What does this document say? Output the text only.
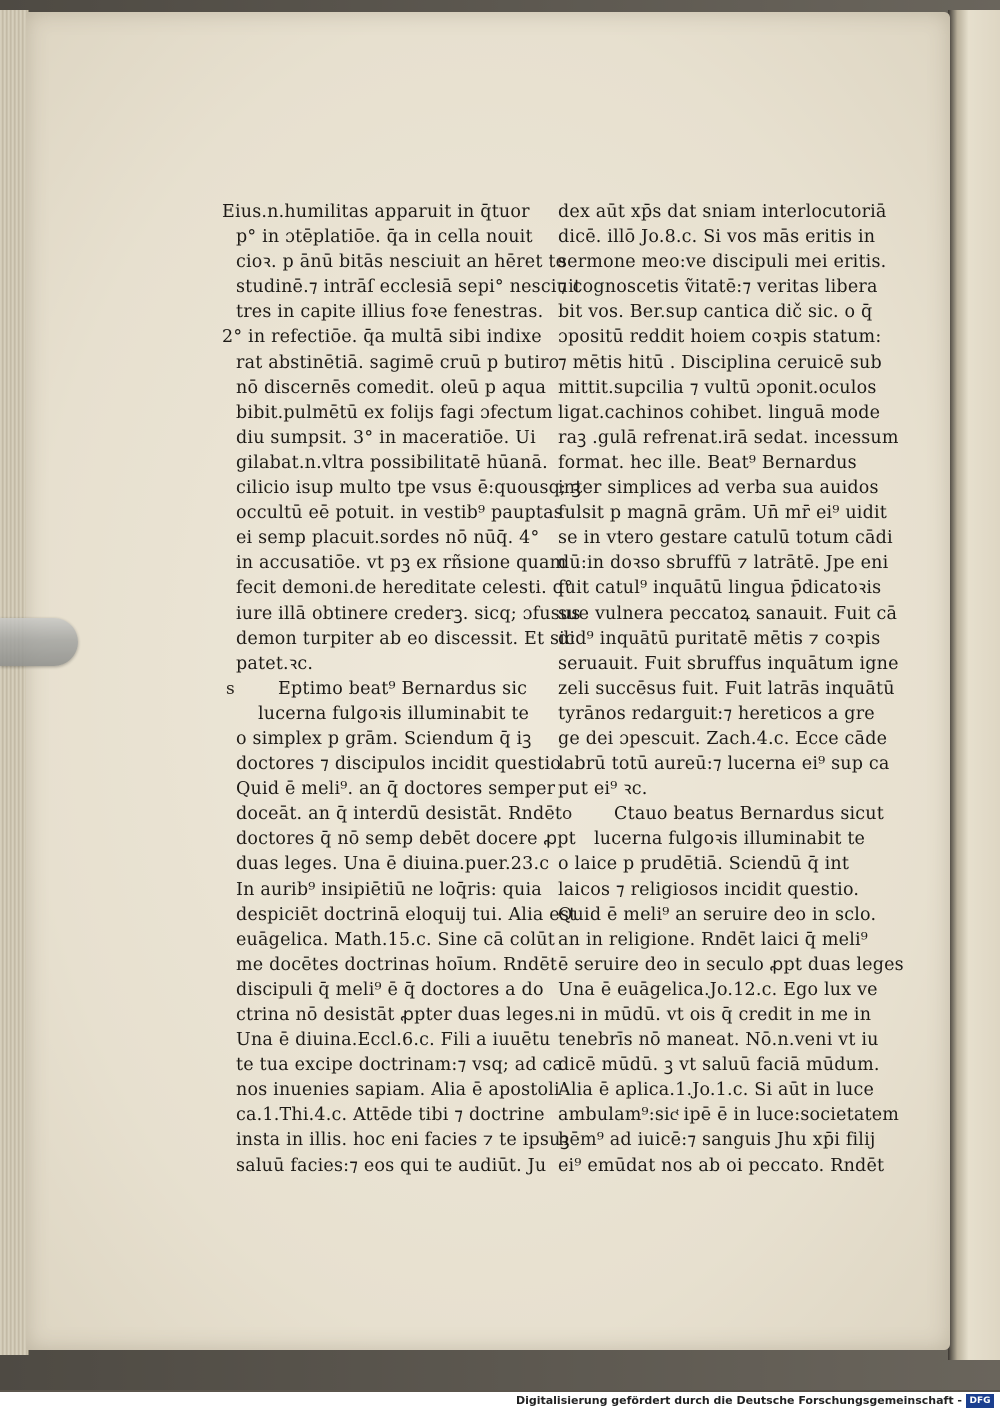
Eius.n.humilitas apparuit in q̄tuor
p° in ɔtēplatiōe. q̄a in cella nouit
cioꝛ. p ānū bitās nesciuit an hēret te
studinē.⁊ intrāſ ecclesiā sepi° nesciuit
tres in capite illius foꝛe fenestras.
2° in refectiōe. q̄a multā sibi indixe
rat abstinētiā. sagimē cruū p butiro
nō discernēs comedit. oleū p aqua
bibit.pulmētū ex folijs fagi ɔfectum
diu sumpsit. 3° in maceratiōe. Ui
gilabat.n.vltra possibilitatē hūanā.
cilicio isup multo tpe vsus ē:quousq; ꝫ
occultū eē potuit. in vestib⁹ pauptas
ei semp placuit.sordes nō nūq̄. 4°
in accusatiōe. vt pꝫ ex rñsione quam
fecit demoni.de hereditate celesti. q°
iure illā obtinere crederꝫ. sicq; ɔfusus
demon turpiter ab eo discessit. Et sic
patet.ꝛc.
s Eptimo beat⁹ Bernardus sic
lucerna fulgoꝛis illuminabit te
o simplex p grām. Sciendum q̄ iꝫ
doctores ⁊ discipulos incidit questio
Quid ē meli⁹. an q̄ doctores semper
doceāt. an q̄ interdū desistāt. Rndēt
doctores q̄ nō semp debēt docere ꝓpt
duas leges. Una ē diuina.puer.23.c
In aurib⁹ insipiētiū ne loq̄ris: quia
despiciēt doctrinā eloquij tui. Alia est
euāgelica. Math.15.c. Sine cā colūt
me docētes doctrinas hoīum. Rndēt
discipuli q̄ meli⁹ ē q̄ doctores a do
ctrina nō desistāt ꝓpter duas leges.
Una ē diuina.Eccl.6.c. Fili a iuuētu
te tua excipe doctrinam:⁊ vsq; ad ca
nos inuenies sapiam. Alia ē apostoli
ca.1.Thi.4.c. Attēde tibi ⁊ doctrine
insta in illis. hoc eni facies ⁊ te ipsuꝫ
saluū facies:⁊ eos qui te audiūt. Ju
dex aūt xp̄s dat sniam interlocutoriā
dicē. illō Jo.8.c. Si vos mās eritis in
sermone meo:ve discipuli mei eritis.
⁊ cognoscetis ṽitatē:⁊ veritas libera
bit vos. Ber.sup cantica dič sic. o q̄
ɔpositū reddit hoiem coꝛpis statum:
⁊ mētis hitū . Disciplina ceruicē sub
mittit.supcilia ⁊ vultū ɔponit.oculos
ligat.cachinos cohibet. linguā mode
raꝫ .gulā refrenat.irā sedat. incessum
format. hec ille. Beat⁹ Bernardus
inter simplices ad verba sua auidos
fulsit p magnā grām. Un̄ mr̄ ei⁹ uidit
se in vtero gestare catulū totum cādi
dū:in doꝛso sbruffū ⁊ latrātē. Jpe eni
fuit catul⁹ inquātū lingua p̄dicatoꝛis
sue vulnera peccatoꝝ sanauit. Fuit cā
did⁹ inquātū puritatē mētis ⁊ coꝛpis
seruauit. Fuit sbruffus inquātum igne
zeli succēsus fuit. Fuit latrās inquātū
tyrānos redarguit:⁊ hereticos a gre
ge dei ɔpescuit. Zach.4.c. Ecce cāde
labrū totū aureū:⁊ lucerna ei⁹ sup ca
put ei⁹ ꝛc.
o Ctauo beatus Bernardus sicut
lucerna fulgoꝛis illuminabit te
o laice p prudētiā. Sciendū q̄ int
laicos ⁊ religiosos incidit questio.
Quid ē meli⁹ an seruire deo in sclo.
an in religione. Rndēt laici q̄ meli⁹
ē seruire deo in seculo ꝓpt duas leges
Una ē euāgelica.Jo.12.c. Ego lux ve
ni in mūdū. vt ois q̄ credit in me in
tenebrīs nō maneat. Nō.n.veni vt iu
dicē mūdū. ꝫ vt saluū faciā mūdum.
Alia ē aplica.1.Jo.1.c. Si aūt in luce
ambulam⁹:sicͭ ipē ē in luce:societatem
hēm⁹ ad iuicē:⁊ sanguis Jhu xp̄i filij
ei⁹ emūdat nos ab oi peccato. Rndēt
Digitalisierung gefördert durch die Deutsche Forschungsgemeinschaft - DFG
